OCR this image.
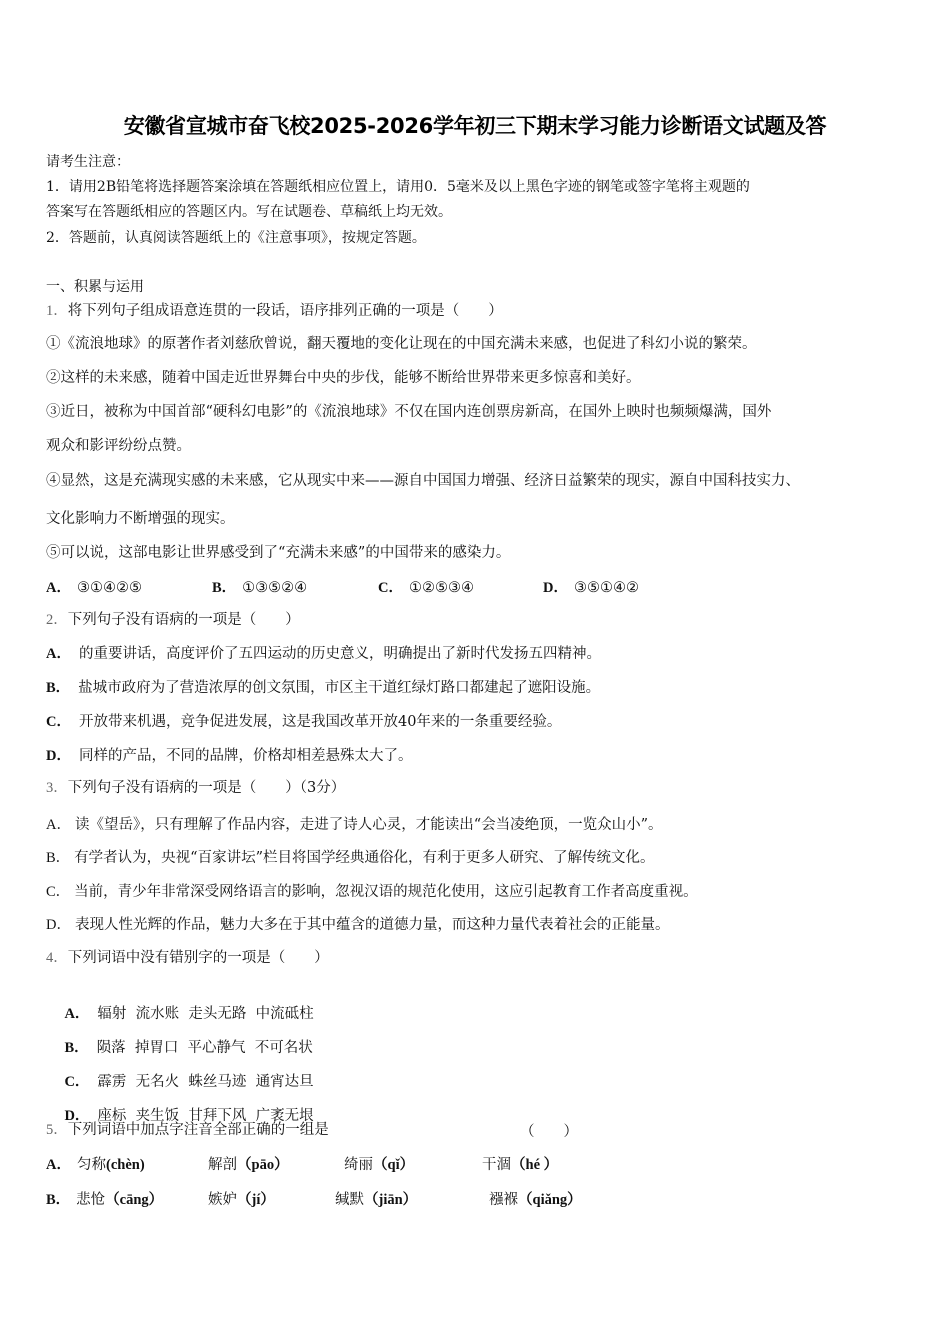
安徽省宣城市奋飞校2025-2026学年初三下期末学习能力诊断语文试题及答
请考生注意：
1．请用2B铅笔将选择题答案涂填在答题纸相应位置上，请用0．5毫米及以上黑色字迹的钢笔或签字笔将主观题的
答案写在答题纸相应的答题区内。写在试题卷、草稿纸上均无效。
2．答题前，认真阅读答题纸上的《注意事项》，按规定答题。
一、积累与运用
1．将下列句子组成语意连贯的一段话，语序排列正确的一项是（　　）
①《流浪地球》的原著作者刘慈欣曾说，翻天覆地的变化让现在的中国充满未来感，也促进了科幻小说的繁荣。
②这样的未来感，随着中国走近世界舞台中央的步伐，能够不断给世界带来更多惊喜和美好。
③近日，被称为中国首部“硬科幻电影”的《流浪地球》不仅在国内连创票房新高，在国外上映时也频频爆满，国外
观众和影评纷纷点赞。
④显然，这是充满现实感的未来感，它从现实中来——源自中国国力增强、经济日益繁荣的现实，源自中国科技实力、
文化影响力不断增强的现实。
⑤可以说，这部电影让世界感受到了“充满未来感”的中国带来的感染力。
A． ③①④②⑤	B． ①③⑤②④	C． ①②⑤③④	D． ③⑤①④②
2．下列句子没有语病的一项是（　　）
A． 的重要讲话，高度评价了五四运动的历史意义，明确提出了新时代发扬五四精神。
B． 盐城市政府为了营造浓厚的创文氛围，市区主干道红绿灯路口都建起了遮阳设施。
C． 开放带来机遇，竞争促进发展，这是我国改革开放40年来的一条重要经验。
D． 同样的产品，不同的品牌，价格却相差悬殊太大了。
3．下列句子没有语病的一项是（　　）（3分）
A． 读《望岳》，只有理解了作品内容，走进了诗人心灵，才能读出“会当凌绝顶，一览众山小”。
B． 有学者认为，央视“百家讲坛”栏目将国学经典通俗化，有利于更多人研究、了解传统文化。
C． 当前，青少年非常深受网络语言的影响，忽视汉语的规范化使用，这应引起教育工作者高度重视。
D． 表现人性光辉的作品，魅力大多在于其中蕴含的道德力量，而这种力量代表着社会的正能量。
4．下列词语中没有错别字的一项是（　　）

A． 辐射  流水账  走头无路  中流砥柱

B． 陨落  掉胃口  平心静气  不可名状

C． 霹雳  无名火  蛛丝马迹  通宵达旦

D． 座标  夹生饭  甘拜下风  广袤无垠

5．下列词语中加点字注音全部正确的一组是	（　　）
A． 匀称(chèn)	解剖（pāo）	绮丽（qǐ）	干涸（hé ）
B． 悲怆（cāng）	嫉妒（jí）	缄默（jiān）	襁褓（qiǎng）
